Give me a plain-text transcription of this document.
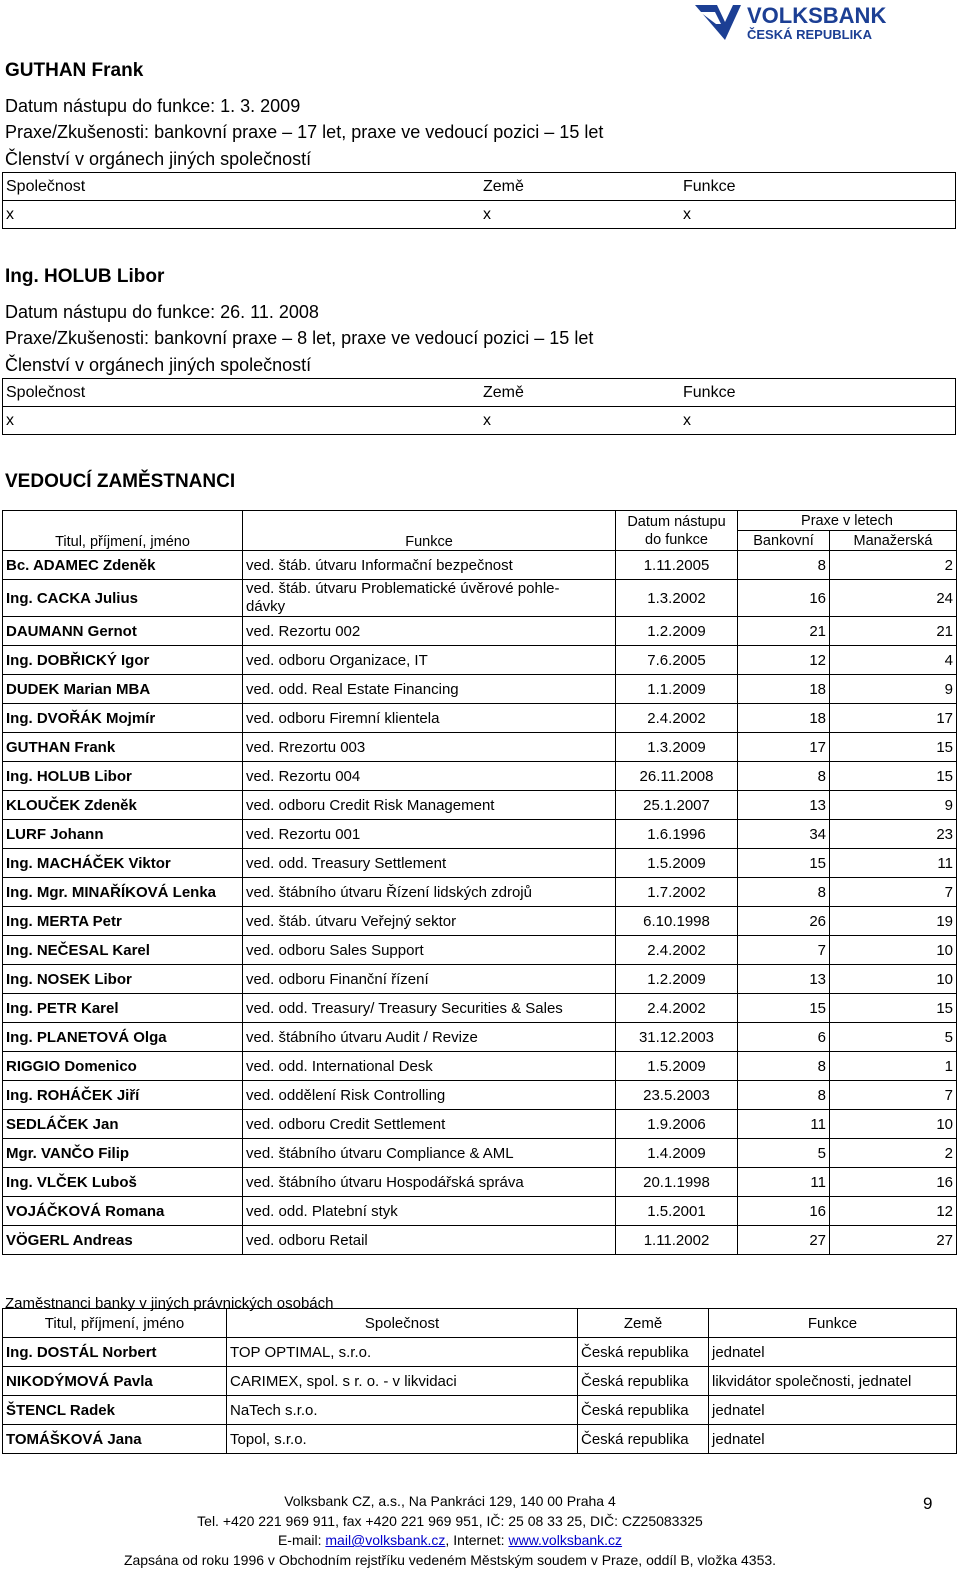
VOLKSBANK
ČESKÁ REPUBLIKA
GUTHAN Frank
Datum nástupu do funkce: 1. 3. 2009
Praxe/Zkušenosti: bankovní praxe – 17 let, praxe ve vedoucí pozici – 15 let
Členství v orgánech jiných společností
Společnost	Země	Funkce
x	x	x
Ing. HOLUB Libor
Datum nástupu do funkce: 26. 11. 2008
Praxe/Zkušenosti: bankovní praxe – 8 let, praxe ve vedoucí pozici – 15 let
Členství v orgánech jiných společností
Společnost	Země	Funkce
x	x	x
VEDOUCÍ ZAMĚSTNANCI
Titul, příjmení, jméno	Funkce	Datum nástupu
do funkce	Praxe v letech	
			Bankovní	Manažerská
Bc. ADAMEC Zdeněk	ved. štáb. útvaru Informační bezpečnost	1.11.2005	8	2
Ing. CACKA Julius	ved. štáb. útvaru Problematické úvěrové pohle-
dávky	1.3.2002	16	24
DAUMANN Gernot	ved. Rezortu 002	1.2.2009	21	21
Ing. DOBŘICKÝ Igor	ved. odboru Organizace, IT	7.6.2005	12	4
DUDEK Marian MBA	ved. odd. Real Estate Financing	1.1.2009	18	9
Ing. DVOŘÁK Mojmír	ved. odboru Firemní klientela	2.4.2002	18	17
GUTHAN Frank	ved. Rrezortu 003	1.3.2009	17	15
Ing. HOLUB Libor	ved. Rezortu 004	26.11.2008	8	15
KLOUČEK Zdeněk	ved. odboru Credit Risk Management	25.1.2007	13	9
LURF Johann	ved. Rezortu 001	1.6.1996	34	23
Ing. MACHÁČEK Viktor	ved. odd. Treasury Settlement	1.5.2009	15	11
Ing. Mgr. MINAŘÍKOVÁ Lenka	ved. štábního útvaru Řízení lidských zdrojů	1.7.2002	8	7
Ing. MERTA Petr	ved. štáb. útvaru Veřejný sektor	6.10.1998	26	19
Ing. NEČESAL Karel	ved. odboru Sales Support	2.4.2002	7	10
Ing. NOSEK Libor	ved. odboru Finanční řízení	1.2.2009	13	10
Ing. PETR Karel	ved. odd. Treasury/ Treasury Securities & Sales	2.4.2002	15	15
Ing. PLANETOVÁ Olga	ved. štábního útvaru Audit / Revize	31.12.2003	6	5
RIGGIO Domenico	ved. odd. International Desk	1.5.2009	8	1
Ing. ROHÁČEK Jiří	ved. oddělení Risk Controlling	23.5.2003	8	7
SEDLÁČEK Jan	ved. odboru Credit Settlement	1.9.2006	11	10
Mgr. VANČO Filip	ved. štábního útvaru Compliance & AML	1.4.2009	5	2
Ing. VLČEK Luboš	ved. štábního útvaru Hospodářská správa	20.1.1998	11	16
VOJÁČKOVÁ Romana	ved. odd. Platební styk	1.5.2001	16	12
VÖGERL Andreas	ved. odboru Retail	1.11.2002	27	27
Zaměstnanci banky v jiných právnických osobách
Titul, příjmení, jméno	Společnost	Země	Funkce
Ing. DOSTÁL Norbert	TOP OPTIMAL, s.r.o.	Česká republika	jednatel
NIKODÝMOVÁ Pavla	CARIMEX, spol. s r. o. - v likvidaci	Česká republika	likvidátor společnosti, jednatel
ŠTENCL Radek	NaTech s.r.o.	Česká republika	jednatel
TOMÁŠKOVÁ Jana	Topol, s.r.o.	Česká republika	jednatel
Volksbank CZ, a.s., Na Pankráci 129, 140 00 Praha 4
Tel. +420 221 969 911, fax +420 221 969 951, IČ: 25 08 33 25, DIČ: CZ25083325
E-mail: mail@volksbank.cz, Internet: www.volksbank.cz
Zapsána od roku 1996 v Obchodním rejstříku vedeném Městským soudem v Praze, oddíl B, vložka 4353.
9
